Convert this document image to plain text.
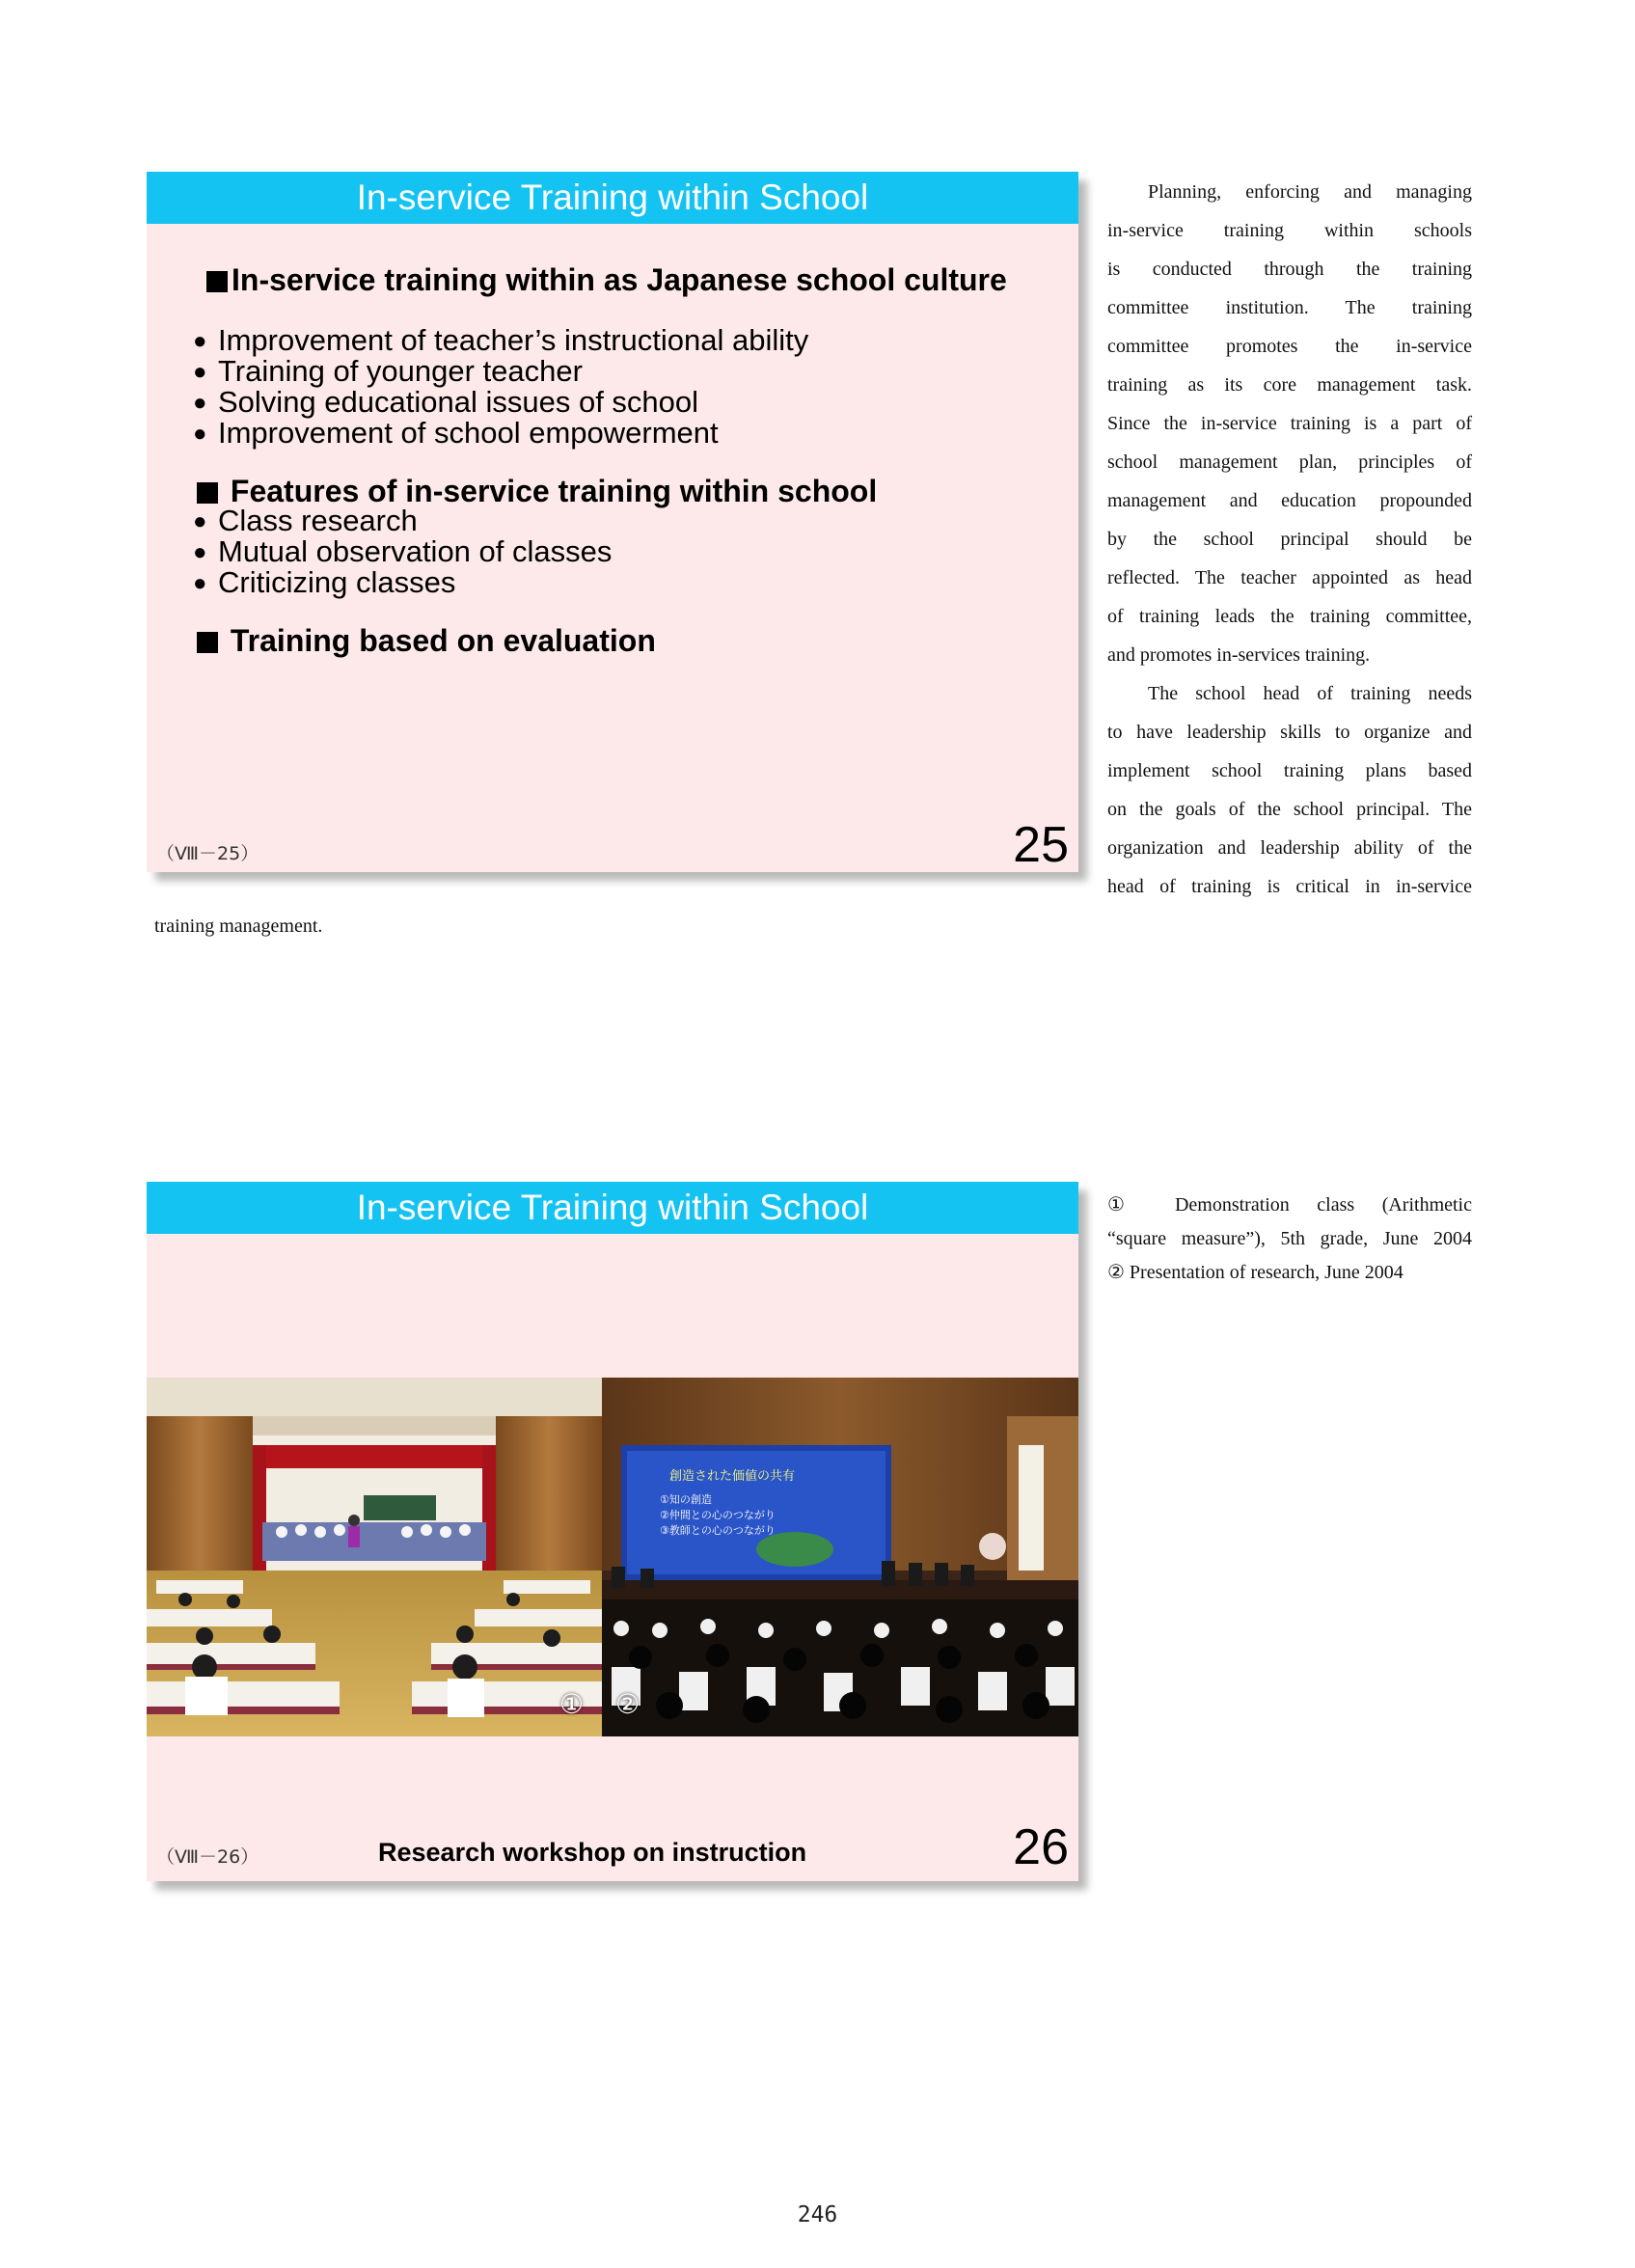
In-service Training within School
In-service training within as Japanese school culture
● Improvement of teacher’s instructional ability
● Training of younger teacher
● Solving educational issues of school
● Improvement of school empowerment
Features of in-service training within school
● Class research
● Mutual observation of classes
● Criticizing classes
Training based on evaluation
（Ⅷ－25）	25

Planning, enforcing and managing

in-service training within schools

is conducted through the training

committee institution. The training

committee promotes the in-service

training as its core management task.

Since the in-service training is a part of

school management plan, principles of

management and education propounded

by the school principal should be

reflected. The teacher appointed as head

of training leads the training committee,

and promotes in-services training.

The school head of training needs

to have leadership skills to organize and

implement school training plans based

on the goals of the school principal. The

organization and leadership ability of the

head of training is critical in in-service

training management.
In-service Training within School
創造された価値の共有
①知の創造
②仲間との心のつながり
③教師との心のつながり
① ②
Research workshop on instruction
（Ⅷ－26）	26
① Demonstration class (Arithmetic
“square measure”), 5th grade, June 2004
② Presentation of research, June 2004
246
